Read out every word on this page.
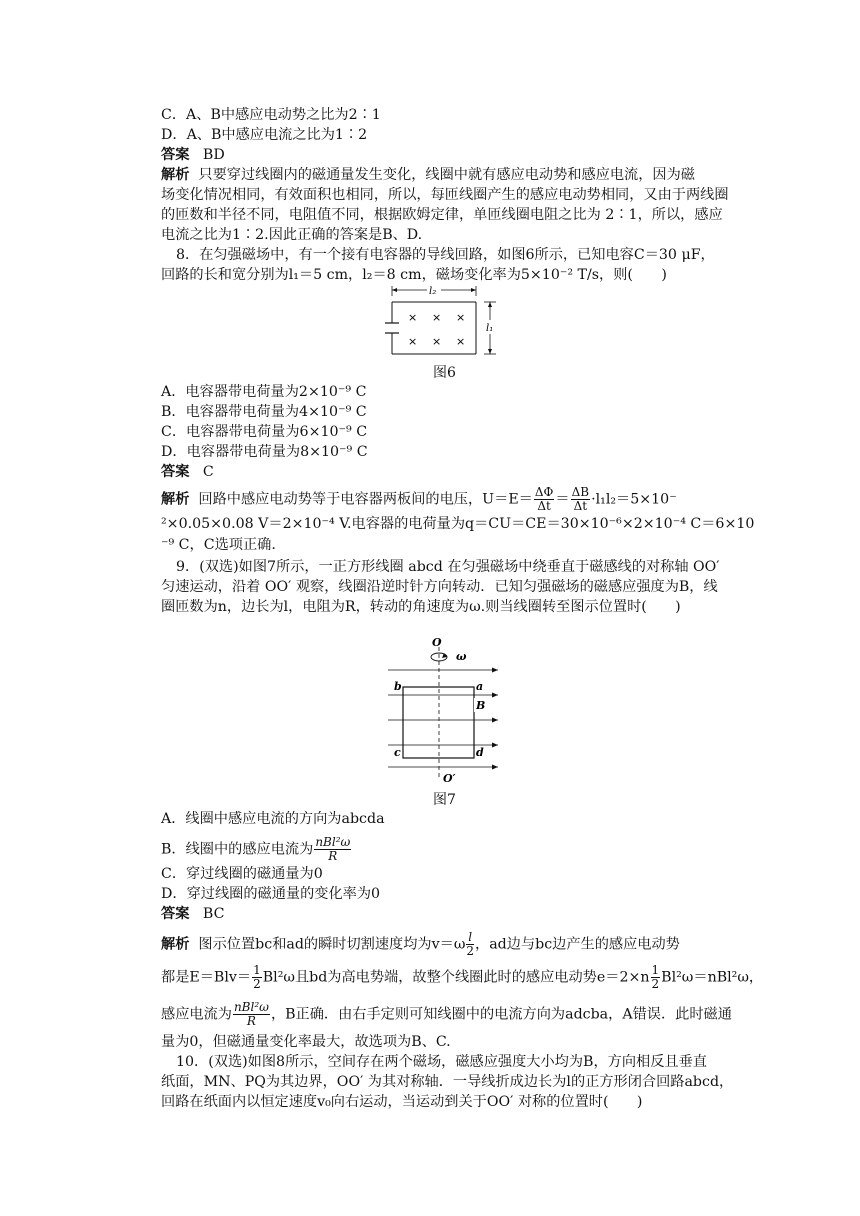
C．A、B中感应电动势之比为2∶1
D．A、B中感应电流之比为1∶2
答案 BD
解析 只要穿过线圈内的磁通量发生变化，线圈中就有感应电动势和感应电流，因为磁
场变化情况相同，有效面积也相同，所以，每匝线圈产生的感应电动势相同，又由于两线圈
的匝数和半径不同，电阻值不同，根据欧姆定律，单匝线圈电阻之比为 2∶1，所以，感应
电流之比为1∶2.因此正确的答案是B、D.
8．在匀强磁场中，有一个接有电容器的导线回路，如图6所示，已知电容C＝30 μF，
回路的长和宽分别为l₁＝5 cm，l₂＝8 cm，磁场变化率为5×10⁻² T/s，则(　　)
l₂
l₁
× × ×
× × ×
图6
A．电容器带电荷量为2×10⁻⁹ C
B．电容器带电荷量为4×10⁻⁹ C
C．电容器带电荷量为6×10⁻⁹ C
D．电容器带电荷量为8×10⁻⁹ C
答案 C
解析 回路中感应电动势等于电容器两板间的电压，$U=E= \frac{\Delta\Phi}{\Delta t} = \frac{\Delta B}{\Delta t} \cdot l_1l_2=5\times 10^-$
²×0.05×0.08 V＝2×10⁻⁴ V.电容器的电荷量为q＝CU＝CE＝30×10⁻⁶×2×10⁻⁴ C＝6×10
⁻⁹ C，C选项正确.
9．(双选)如图7所示，一正方形线圈 abcd 在匀强磁场中绕垂直于磁感线的对称轴 OO′
匀速运动，沿着 OO′ 观察，线圈沿逆时针方向转动．已知匀强磁场的磁感应强度为B，线
圈匝数为n，边长为l，电阻为R，转动的角速度为ω.则当线圈转至图示位置时(　　)
O
ω
b	a
B
c	d
O′
图7
A．线圈中感应电流的方向为abcda
B．线圈中的感应电流为 $\frac{\text{nBl²ω}}{R}$
C．穿过线圈的磁通量为0
D．穿过线圈的磁通量的变化率为0
答案 BC
解析 图示位置bc和ad的瞬时切割速度均为$v=\omega \frac{l}{2}$ ，ad边与bc边产生的感应电动势
都是$E=Blv= \frac{1}{2} Bl^2\omega$且bd为高电势端，故整个线圈此时的感应电动势$e=2\times n \frac{1}{2} Bl^2\omega=nBl^2\omega$，
感应电流为 $\frac{\text{nBl²ω}}{R}$ ，B正确．由右手定则可知线圈中的电流方向为adcba，A错误．此时磁通
量为0，但磁通量变化率最大，故选项为B、C.
10．(双选)如图8所示，空间存在两个磁场，磁感应强度大小均为B，方向相反且垂直
纸面，MN、PQ为其边界，OO′ 为其对称轴．一导线折成边长为l的正方形闭合回路abcd，
回路在纸面内以恒定速度v₀向右运动，当运动到关于OO′ 对称的位置时(　　)
